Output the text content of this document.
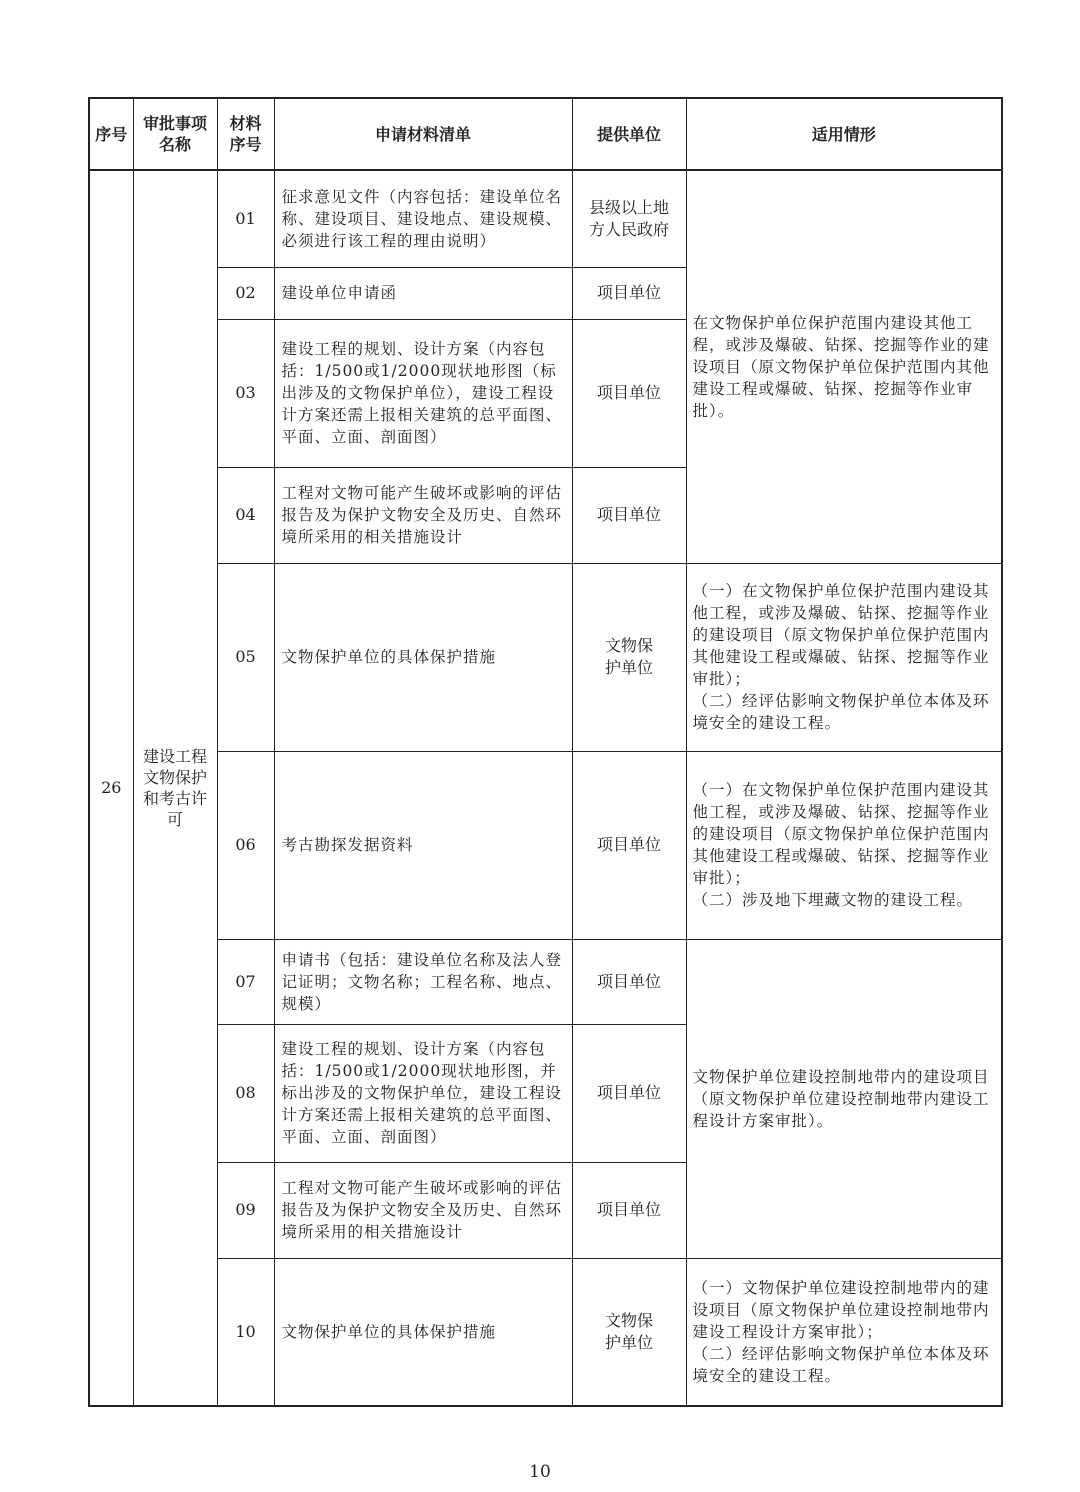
序号	审批事项名称	材料序号	申请材料清单	提供单位	适用情形
26	建设工程文物保护和考古许可	01	征求意见文件（内容包括：建设单位名称、建设项目、建设地点、建设规模、必须进行该工程的理由说明）	县级以上地方人民政府	在文物保护单位保护范围内建设其他工程，或涉及爆破、钻探、挖掘等作业的建设项目（原文物保护单位保护范围内其他建设工程或爆破、钻探、挖掘等作业审批）。
		02	建设单位申请函	项目单位	
		03	建设工程的规划、设计方案（内容包括：1/500或1/2000现状地形图（标出涉及的文物保护单位），建设工程设计方案还需上报相关建筑的总平面图、平面、立面、剖面图）	项目单位	
		04	工程对文物可能产生破坏或影响的评估报告及为保护文物安全及历史、自然环境所采用的相关措施设计	项目单位	
		05	文物保护单位的具体保护措施	文物保护单位	（一）在文物保护单位保护范围内建设其他工程，或涉及爆破、钻探、挖掘等作业的建设项目（原文物保护单位保护范围内其他建设工程或爆破、钻探、挖掘等作业审批）；
（二）经评估影响文物保护单位本体及环境安全的建设工程。
		06	考古勘探发据资料	项目单位	（一）在文物保护单位保护范围内建设其他工程，或涉及爆破、钻探、挖掘等作业的建设项目（原文物保护单位保护范围内其他建设工程或爆破、钻探、挖掘等作业审批）；
（二）涉及地下埋藏文物的建设工程。
		07	申请书（包括：建设单位名称及法人登记证明；文物名称；工程名称、地点、规模）	项目单位	文物保护单位建设控制地带内的建设项目（原文物保护单位建设控制地带内建设工程设计方案审批）。
		08	建设工程的规划、设计方案（内容包括：1/500或1/2000现状地形图，并标出涉及的文物保护单位，建设工程设计方案还需上报相关建筑的总平面图、平面、立面、剖面图）	项目单位	
		09	工程对文物可能产生破坏或影响的评估报告及为保护文物安全及历史、自然环境所采用的相关措施设计	项目单位	
		10	文物保护单位的具体保护措施	文物保护单位	（一）文物保护单位建设控制地带内的建设项目（原文物保护单位建设控制地带内建设工程设计方案审批）；
（二）经评估影响文物保护单位本体及环境安全的建设工程。
10
